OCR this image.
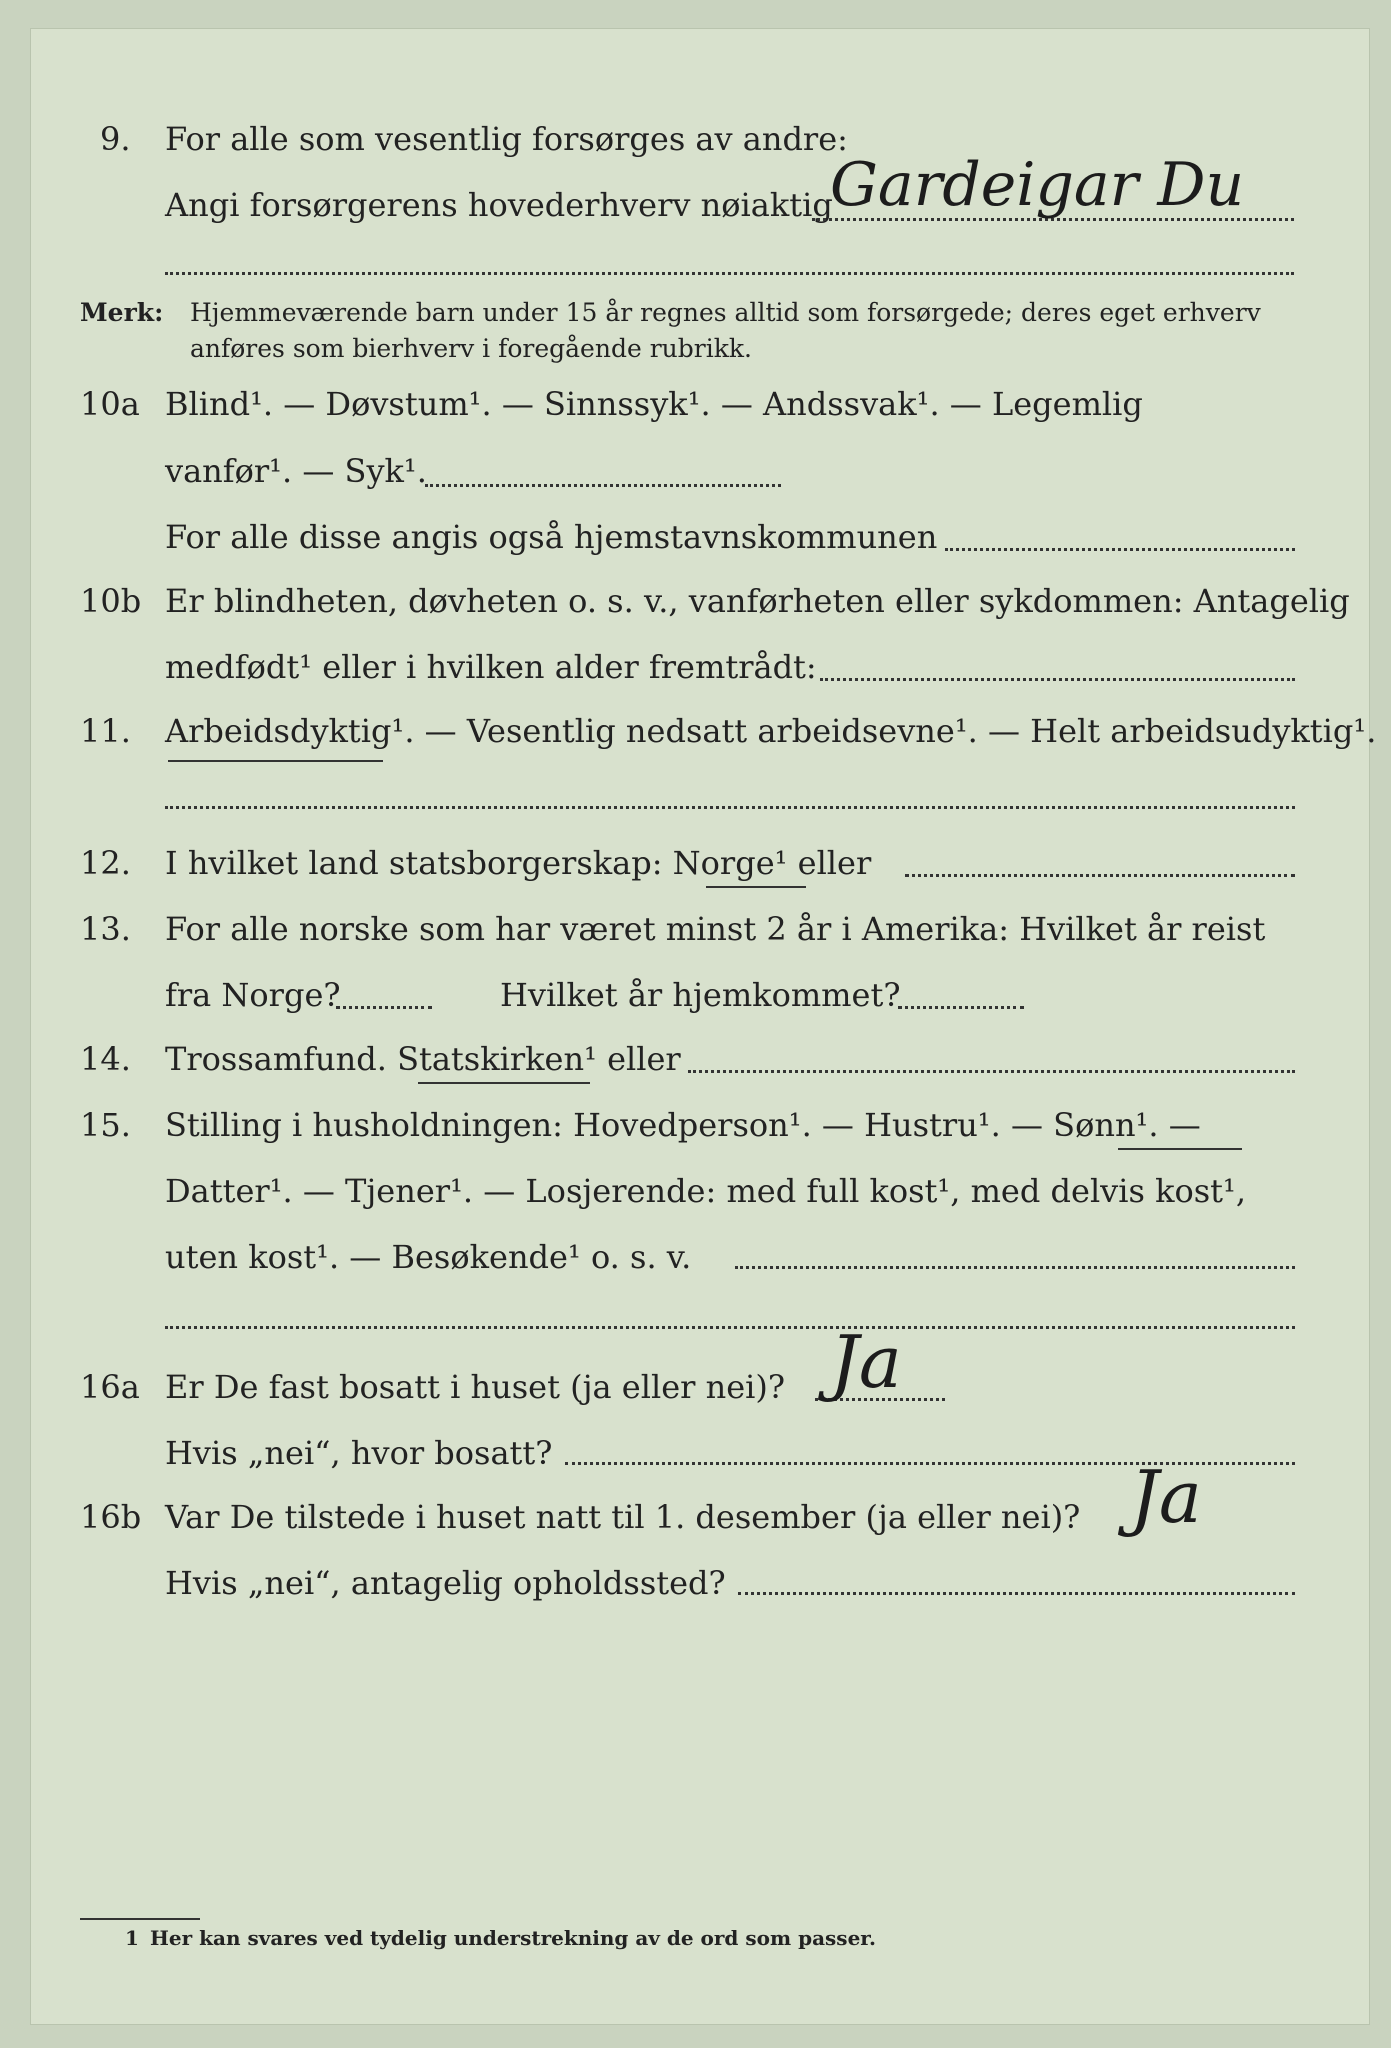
9. For alle som vesentlig forsørges av andre:
Angi forsørgerens hovederhverv nøiaktig
Gardeigar Du
Merk: Hjemmeværende barn under 15 år regnes alltid som forsørgede; deres eget erhverv
anføres som bierhverv i foregående rubrikk.
10a Blind¹. — Døvstum¹. — Sinnssyk¹. — Andssvak¹. — Legemlig
vanfør¹. — Syk¹.
For alle disse angis også hjemstavnskommunen
10b Er blindheten, døvheten o. s. v., vanførheten eller sykdommen: Antagelig
medfødt¹ eller i hvilken alder fremtrådt:
11. Arbeidsdyktig¹. — Vesentlig nedsatt arbeidsevne¹. — Helt arbeidsudyktig¹.
12. I hvilket land statsborgerskap: Norge¹ eller
13. For alle norske som har været minst 2 år i Amerika: Hvilket år reist
fra Norge?	Hvilket år hjemkommet?
14. Trossamfund. Statskirken¹ eller
15. Stilling i husholdningen: Hovedperson¹. — Hustru¹. — Sønn¹. —
Datter¹. — Tjener¹. — Losjerende: med full kost¹, med delvis kost¹,
uten kost¹. — Besøkende¹ o. s. v.
16a Er De fast bosatt i huset (ja eller nei)? Ja
Hvis „nei“, hvor bosatt?
16b Var De tilstede i huset natt til 1. desember (ja eller nei)? Ja
Hvis „nei“, antagelig opholdssted?
1 Her kan svares ved tydelig understrekning av de ord som passer.
